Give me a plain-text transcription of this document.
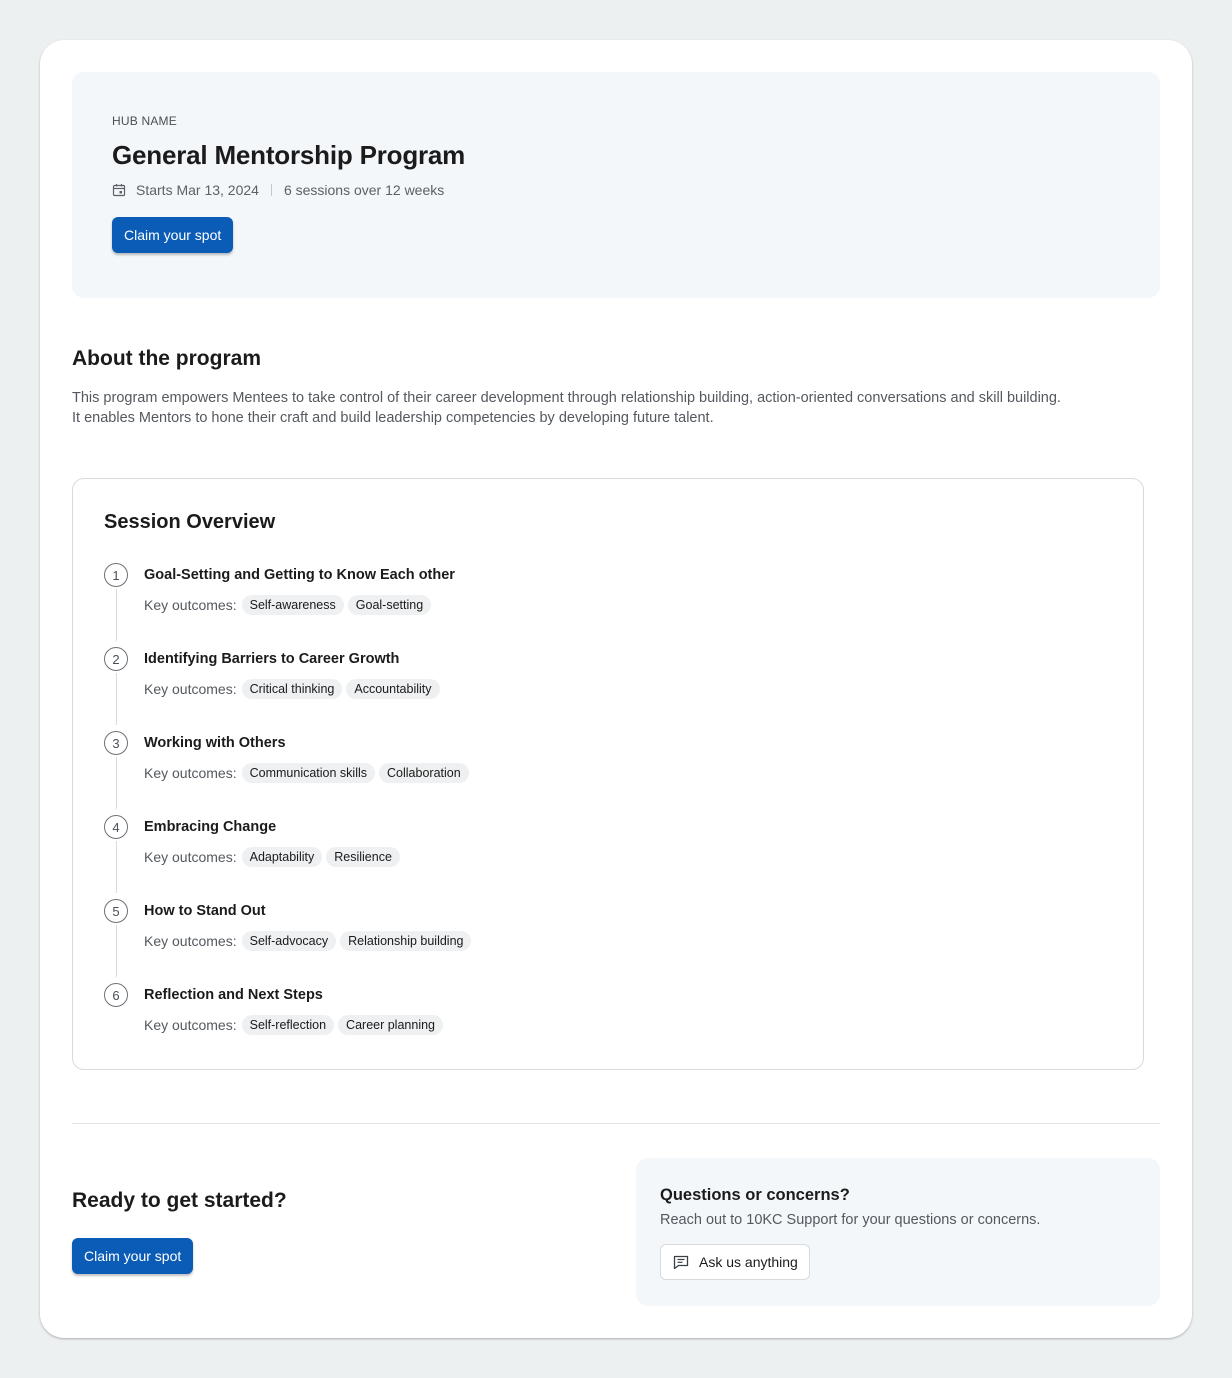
HUB NAME
General Mentorship Program
Starts Mar 13, 2024 6 sessions over 12 weeks
Claim your spot
About the program

This program empowers Mentees to take control of their career development through relationship building, action-oriented conversations and skill building. It enables Mentors to hone their craft and build leadership competencies by developing future talent.

Session Overview
1	Goal-Setting and Getting to Know Each other
Key outcomes:	Self-awareness	Goal-setting
2	Identifying Barriers to Career Growth
Key outcomes:	Critical thinking	Accountability
3	Working with Others
Key outcomes:	Communication skills	Collaboration
4	Embracing Change
Key outcomes:	Adaptability	Resilience
5	How to Stand Out
Key outcomes:	Self-advocacy	Relationship building
6	Reflection and Next Steps
Key outcomes:	Self-reflection	Career planning
Ready to get started?
Claim your spot
Questions or concerns?

Reach out to 10KC Support for your questions or concerns.

Ask us anything
